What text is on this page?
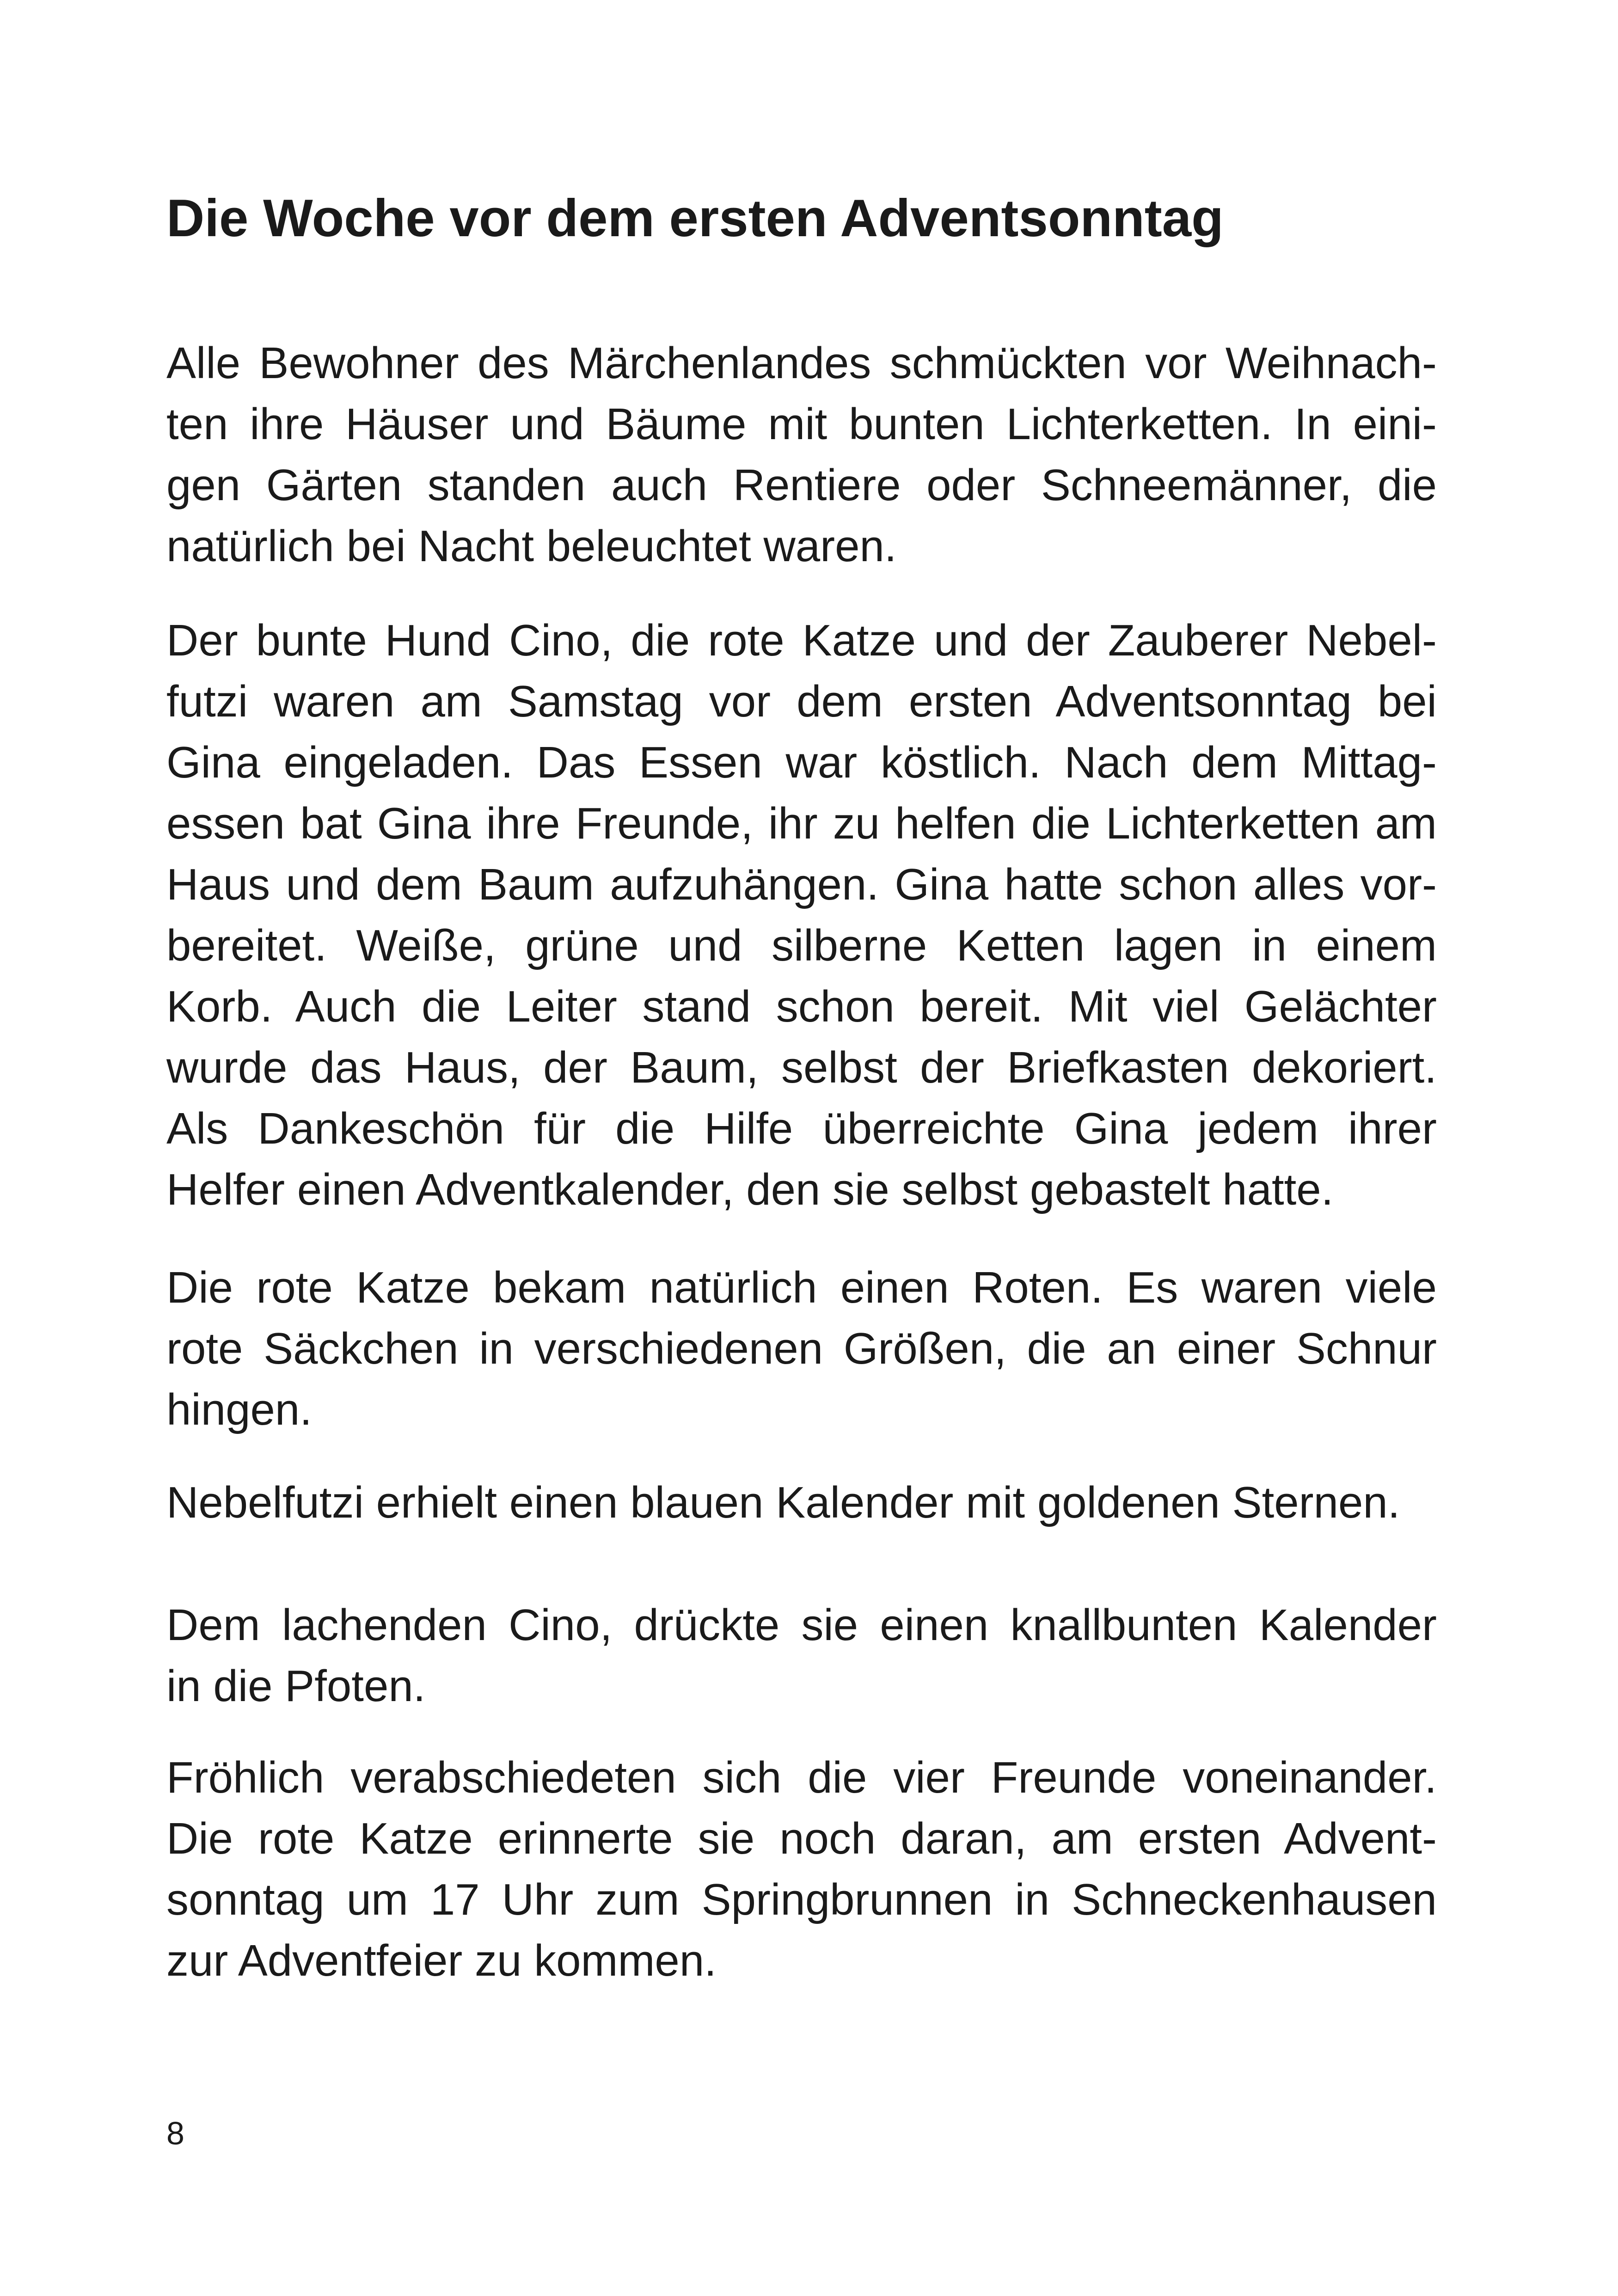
Die Woche vor dem ersten Adventsonntag
Alle Bewohner des Märchenlandes schmückten vor Weihnach-
ten ihre Häuser und Bäume mit bunten Lichterketten. In eini-
gen Gärten standen auch Rentiere oder Schneemänner, die
natürlich bei Nacht beleuchtet waren.
Der bunte Hund Cino, die rote Katze und der Zauberer Nebel-
futzi waren am Samstag vor dem ersten Adventsonntag bei
Gina eingeladen. Das Essen war köstlich. Nach dem Mittag-
essen bat Gina ihre Freunde, ihr zu helfen die Lichterketten am
Haus und dem Baum aufzuhängen. Gina hatte schon alles vor-
bereitet. Weiße, grüne und silberne Ketten lagen in einem
Korb. Auch die Leiter stand schon bereit. Mit viel Gelächter
wurde das Haus, der Baum, selbst der Briefkasten dekoriert.
Als Dankeschön für die Hilfe überreichte Gina jedem ihrer
Helfer einen Adventkalender, den sie selbst gebastelt hatte.
Die rote Katze bekam natürlich einen Roten. Es waren viele
rote Säckchen in verschiedenen Größen, die an einer Schnur
hingen.
Nebelfutzi erhielt einen blauen Kalender mit goldenen Sternen.
Dem lachenden Cino, drückte sie einen knallbunten Kalender
in die Pfoten.
Fröhlich verabschiedeten sich die vier Freunde voneinander.
Die rote Katze erinnerte sie noch daran, am ersten Advent-
sonntag um 17 Uhr zum Springbrunnen in Schneckenhausen
zur Adventfeier zu kommen.
8
